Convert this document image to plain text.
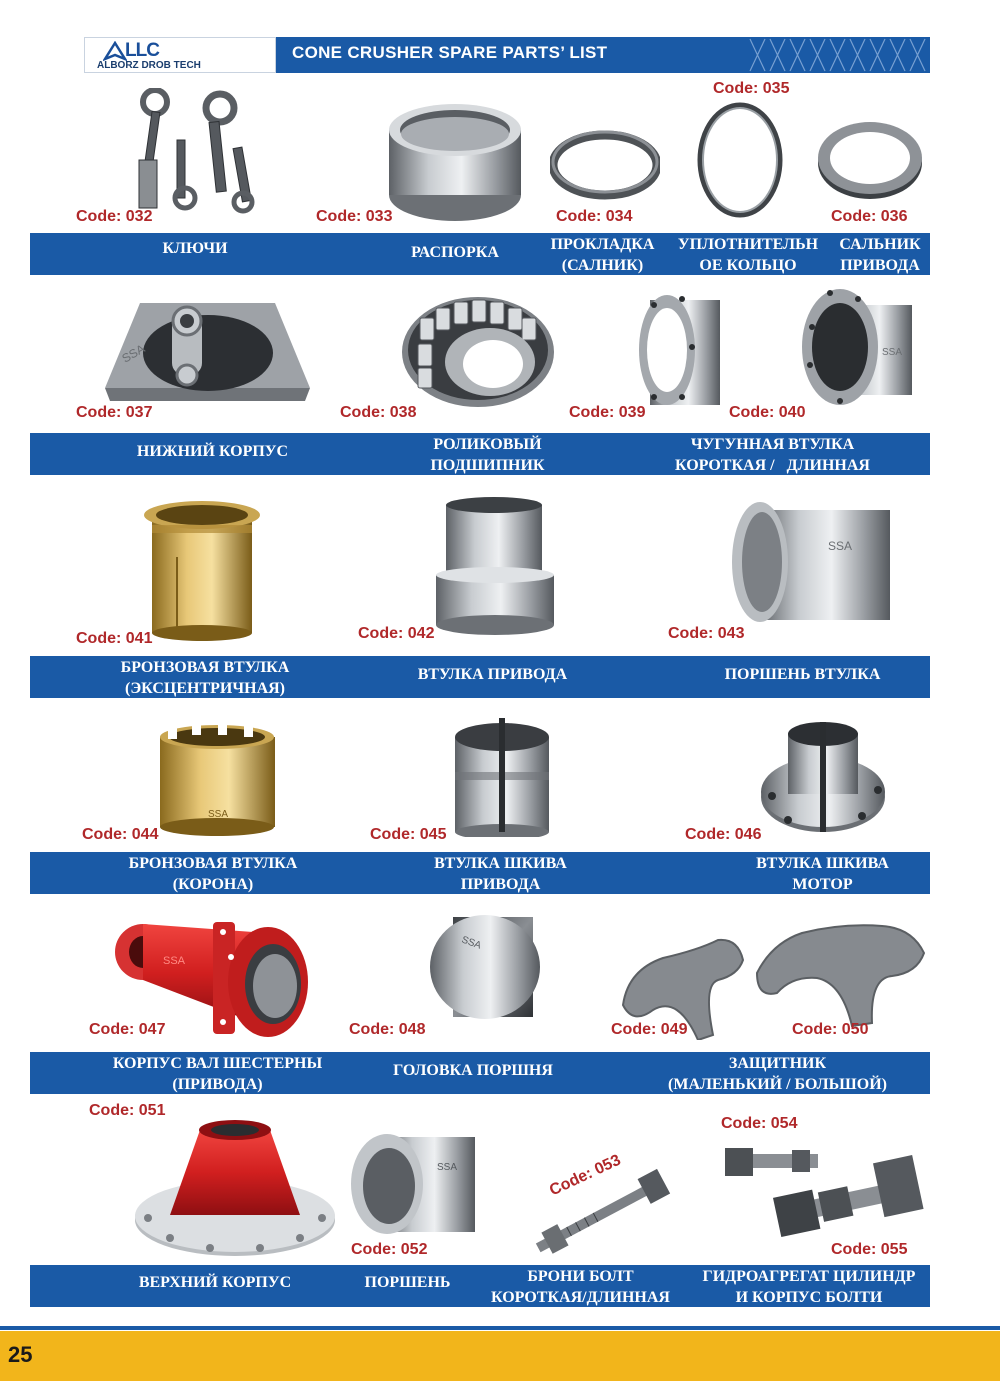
LLC
ALBORZ DROB TECH
CONE CRUSHER SPARE PARTS’ LIST
Code: 032	Code: 033	Code: 034
Code: 035
Code: 036
КЛЮЧИ	РАСПОРКА	ПРОКЛАДКА
(САЛНИК)
УПЛОТНИТЕЛЬН
ОЕ КОЛЬЦО
САЛЬНИК
ПРИВОДА
SSA	SSA
Code: 037	Code: 038	Code: 039	Code: 040
НИЖНИЙ КОРПУС	РОЛИКОВЫЙ
ПОДШИПНИК
ЧУГУННАЯ ВТУЛКА
КОРОТКАЯ /   ДЛИННАЯ
SSA
Code: 041	Code: 042	Code: 043
БРОНЗОВАЯ ВТУЛКА
(ЭКСЦЕНТРИЧНАЯ)
ВТУЛКА ПРИВОДА	ПОРШЕНЬ ВТУЛКА
SSA
Code: 044	Code: 045	Code: 046
БРОНЗОВАЯ ВТУЛКА
(КОРОНА)
ВТУЛКА ШКИВА
ПРИВОДА
ВТУЛКА ШКИВА
МОТОР
SSA
SSA
Code: 047	Code: 048	Code: 049	Code: 050
КОРПУС ВАЛ ШЕСТЕРНЫ
(ПРИВОДА)
ГОЛОВКА ПОРШНЯ	ЗАЩИТНИК
(МАЛЕНЬКИЙ / БОЛЬШОЙ)
SSA
Code: 051
Code: 052
Code: 053
Code: 054
Code: 055
ВЕРХНИЙ КОРПУС	ПОРШЕНЬ	БРОНИ БОЛТ
КОРОТКАЯ/ДЛИННАЯ
ГИДРОАГРЕГАТ ЦИЛИНДР
И КОРПУС БОЛТИ
25
